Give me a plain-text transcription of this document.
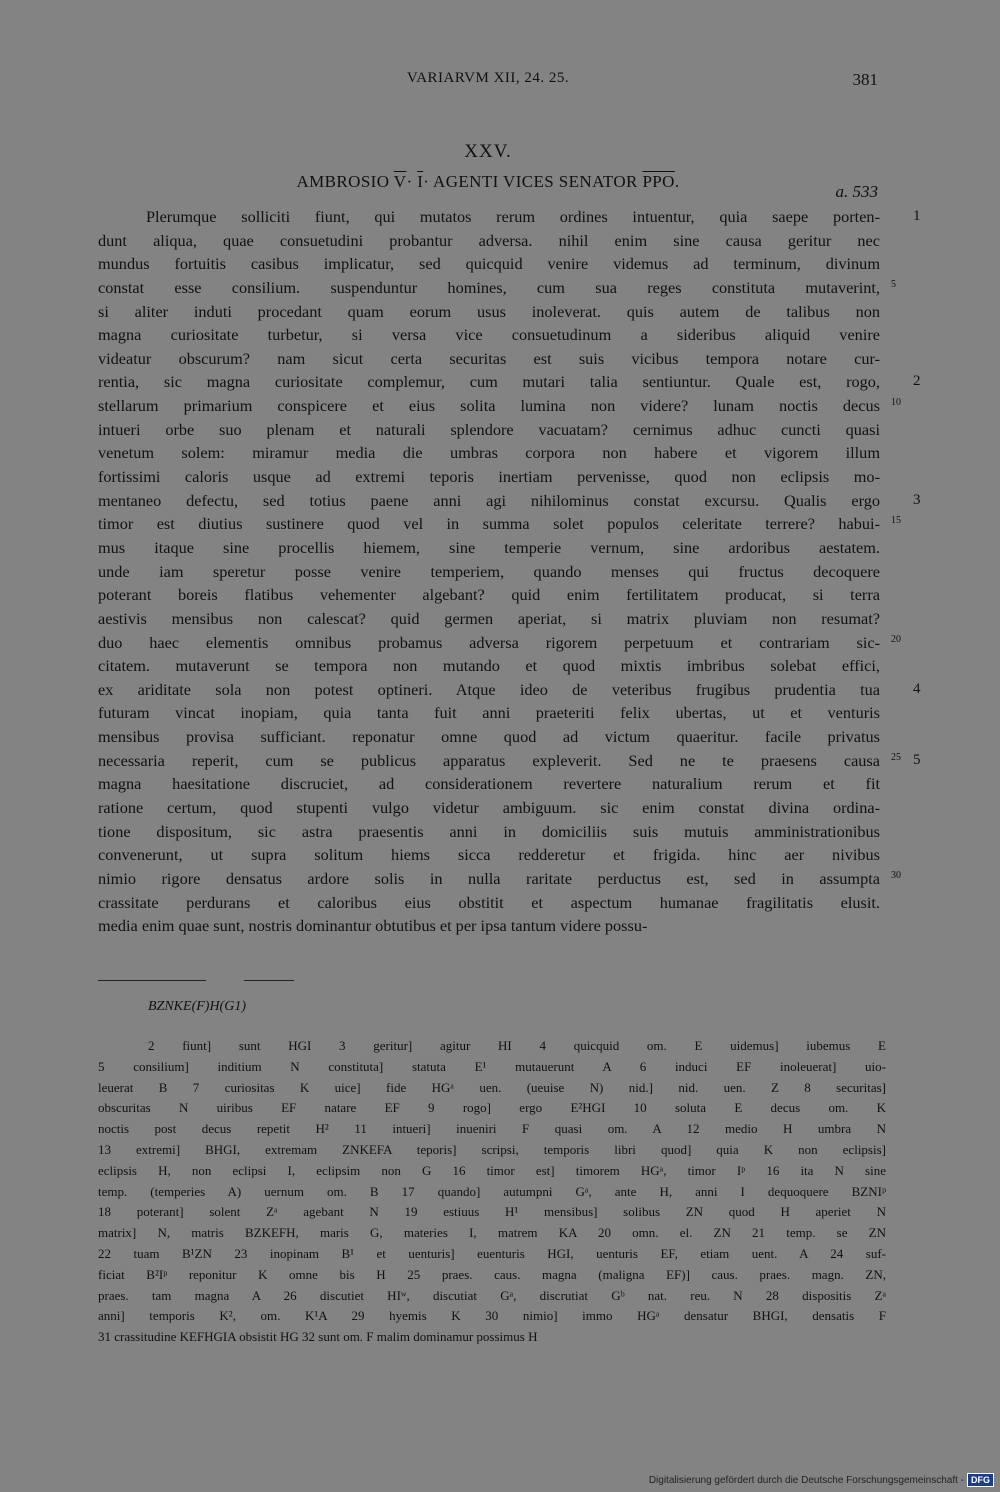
VARIARVM XII, 24. 25.	381
XXV.
AMBROSIO $\overline{V}\cdot \overline{I}\cdot$ AGENTI VICES SENATOR $\overline{PPO}$.
a. 533
Plerumque solliciti fiunt, qui mutatos rerum ordines intuentur, quia saepe porten- 1
dunt aliqua, quae consuetudini probantur adversa. nihil enim sine causa geritur nec
mundus fortuitis casibus implicatur, sed quicquid venire videmus ad terminum, divinum
constat esse consilium. suspenduntur homines, cum sua reges constituta mutaverint, 5
si aliter induti procedant quam eorum usus inoleverat. quis autem de talibus non
magna curiositate turbetur, si versa vice consuetudinum a sideribus aliquid venire
videatur obscurum? nam sicut certa securitas est suis vicibus tempora notare cur-
rentia, sic magna curiositate complemur, cum mutari talia sentiuntur. Quale est, rogo, 2
stellarum primarium conspicere et eius solita lumina non videre? lunam noctis decus 10
intueri orbe suo plenam et naturali splendore vacuatam? cernimus adhuc cuncti quasi
venetum solem: miramur media die umbras corpora non habere et vigorem illum
fortissimi caloris usque ad extremi teporis inertiam pervenisse, quod non eclipsis mo-
mentaneo defectu, sed totius paene anni agi nihilominus constat excursu. Qualis ergo 3
timor est diutius sustinere quod vel in summa solet populos celeritate terrere? habui- 15
mus itaque sine procellis hiemem, sine temperie vernum, sine ardoribus aestatem.
unde iam speretur posse venire temperiem, quando menses qui fructus decoquere
poterant boreis flatibus vehementer algebant? quid enim fertilitatem producat, si terra
aestivis mensibus non calescat? quid germen aperiat, si matrix pluviam non resumat?
duo haec elementis omnibus probamus adversa rigorem perpetuum et contrariam sic- 20
citatem. mutaverunt se tempora non mutando et quod mixtis imbribus solebat effici,
ex ariditate sola non potest optineri. Atque ideo de veteribus frugibus prudentia tua 4
futuram vincat inopiam, quia tanta fuit anni praeteriti felix ubertas, ut et venturis
mensibus provisa sufficiant. reponatur omne quod ad victum quaeritur. facile privatus
necessaria reperit, cum se publicus apparatus expleverit. Sed ne te praesens causa 25 5
magna haesitatione discruciet, ad considerationem revertere naturalium rerum et fit
ratione certum, quod stupenti vulgo videtur ambiguum. sic enim constat divina ordina-
tione dispositum, sic astra praesentis anni in domiciliis suis mutuis amministrationibus
convenerunt, ut supra solitum hiems sicca redderetur et frigida. hinc aer nivibus
nimio rigore densatus ardore solis in nulla raritate perductus est, sed in assumpta 30
crassitate perdurans et caloribus eius obstitit et aspectum humanae fragilitatis elusit.
media enim quae sunt, nostris dominantur obtutibus et per ipsa tantum videre possu-
BZNKE(F)H(G1)
2 fiunt] sunt HGI 3 geritur] agitur HI 4 quicquid om. E uidemus] iubemus E
5 consilium] inditium N constituta] statuta E¹ mutauerunt A 6 induci EF inoleuerat] uio-
leuerat B 7 curiositas K uice] fide HGᵃ uen. (ueuise N) nid.] nid. uen. Z 8 securitas]
obscuritas N uiribus EF natare EF 9 rogo] ergo E²HGI 10 soluta E decus om. K
noctis post decus repetit H² 11 intueri] inueniri F quasi om. A 12 medio H umbra N
13 extremi] BHGI, extremam ZNKEFA teporis] scripsi, temporis libri quod] quia K non eclipsis]
eclipsis H, non eclipsi I, eclipsim non G 16 timor est] timorem HGᵃ, timor Iᵖ 16 ita N sine
temp. (temperies A) uernum om. B 17 quando] autumpni Gᵃ, ante H, anni I dequoquere BZNIᵖ
18 poterant] solent Zᵃ agebant N 19 estiuus H¹ mensibus] solibus ZN quod H aperiet N
matrix] N, matris BZKEFH, maris G, materies I, matrem KA 20 omn. el. ZN 21 temp. se ZN
22 tuam B¹ZN 23 inopinam B¹ et uenturis] euenturis HGI, uenturis EF, etiam uent. A 24 suf-
ficiat B²Iᵖ reponitur K omne bis H 25 praes. caus. magna (maligna EF)] caus. praes. magn. ZN,
praes. tam magna A 26 discutiet HIʷ, discutiat Gᵃ, discrutiat Gᵇ nat. reu. N 28 dispositis Zᵃ
anni] temporis K², om. K¹A 29 hyemis K 30 nimio] immo HGᵃ densatur BHGI, densatis F
31 crassitudine KEFHGIA obsistit HG 32 sunt om. F malim dominamur possimus H
Digitalisierung gefördert durch die Deutsche Forschungsgemeinschaft - DFG
